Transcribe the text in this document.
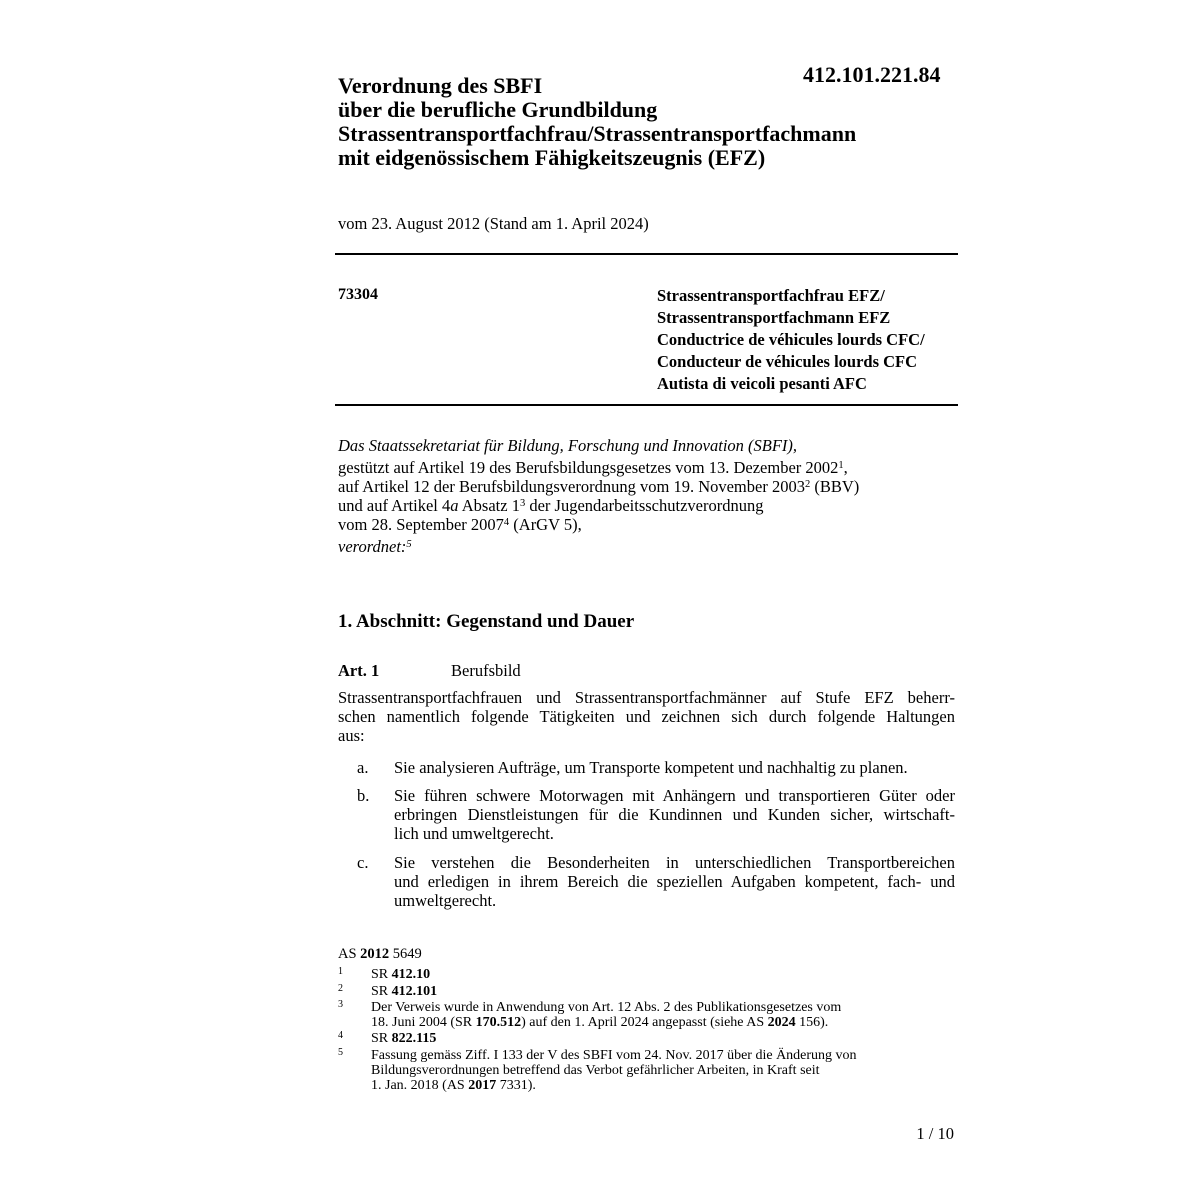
412.101.221.84
Verordnung des SBFI
über die berufliche Grundbildung
Strassentransportfachfrau/Strassentransportfachmann
mit eidgenössischem Fähigkeitszeugnis (EFZ)
vom 23. August 2012 (Stand am 1. April 2024)
73304	Strassentransportfachfrau EFZ/
Strassentransportfachmann EFZ
Conductrice de véhicules lourds CFC/
Conducteur de véhicules lourds CFC
Autista di veicoli pesanti AFC
Das Staatssekretariat für Bildung, Forschung und Innovation (SBFI),
gestützt auf Artikel 19 des Berufsbildungsgesetzes vom 13. Dezember 2002$^1$,
auf Artikel 12 der Berufsbildungsverordnung vom 19. November 2003$^2$ (BBV)
und auf Artikel 4a Absatz $1^3$ der Jugendarbeitsschutzverordnung
vom 28. September 2007$^4$ (ArGV 5),
verordnet:$^5$
1. Abschnitt: Gegenstand und Dauer
Art. 1	Berufsbild
Strassentransportfachfrauen und Strassentransportfachmänner auf Stufe EFZ beherr-
schen namentlich folgende Tätigkeiten und zeichnen sich durch folgende Haltungen
aus:
a. Sie analysieren Aufträge, um Transporte kompetent und nachhaltig zu planen.
b. Sie führen schwere Motorwagen mit Anhängern und transportieren Güter oder
erbringen Dienstleistungen für die Kundinnen und Kunden sicher, wirtschaft-
lich und umweltgerecht.
c. Sie verstehen die Besonderheiten in unterschiedlichen Transportbereichen
und erledigen in ihrem Bereich die speziellen Aufgaben kompetent, fach- und
umweltgerecht.
AS 2012 5649
1 SR 412.10
2 SR 412.101
3 Der Verweis wurde in Anwendung von Art. 12 Abs. 2 des Publikationsgesetzes vom
18. Juni 2004 (SR 170.512) auf den 1. April 2024 angepasst (siehe AS 2024 156).
4 SR 822.115
5 Fassung gemäss Ziff. I 133 der V des SBFI vom 24. Nov. 2017 über die Änderung von
Bildungsverordnungen betreffend das Verbot gefährlicher Arbeiten, in Kraft seit
1. Jan. 2018 (AS 2017 7331).
1 / 10
